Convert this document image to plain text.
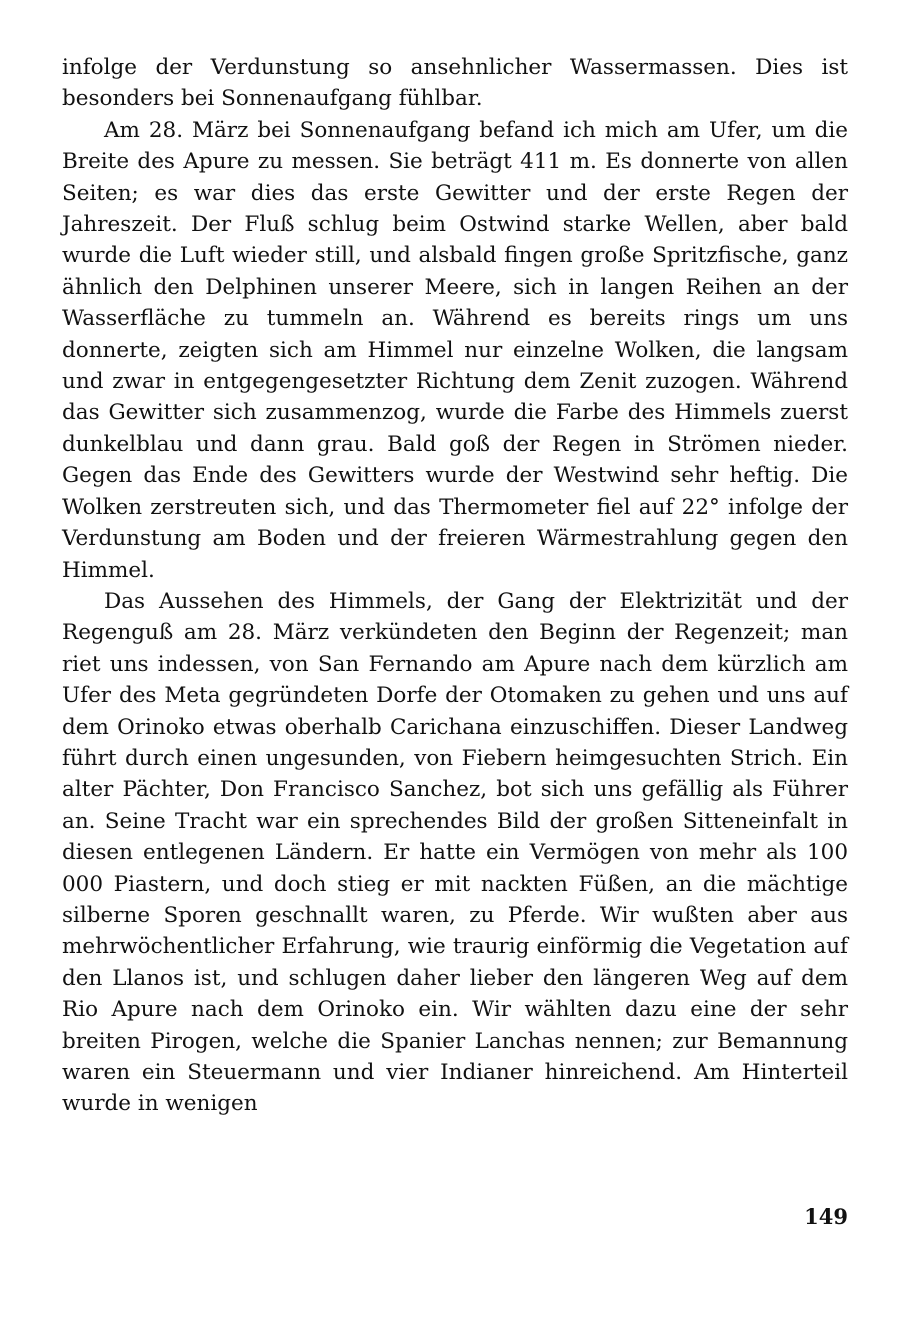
infolge der Verdunstung so ansehnlicher Wassermassen. Dies ist besonders bei Sonnenaufgang fühlbar.

Am 28. März bei Sonnenaufgang befand ich mich am Ufer, um die Breite des Apure zu messen. Sie beträgt 411 m. Es donnerte von allen Seiten; es war dies das erste Gewitter und der erste Regen der Jahreszeit. Der Fluß schlug beim Ostwind starke Wellen, aber bald wurde die Luft wieder still, und alsbald fingen große Spritzfische, ganz ähnlich den Delphinen unserer Meere, sich in langen Reihen an der Wasserfläche zu tummeln an. Während es bereits rings um uns donnerte, zeigten sich am Himmel nur einzelne Wolken, die langsam und zwar in entgegengesetzter Richtung dem Zenit zuzogen. Während das Gewitter sich zusammenzog, wurde die Farbe des Himmels zuerst dunkelblau und dann grau. Bald goß der Regen in Strömen nieder. Gegen das Ende des Gewitters wurde der Westwind sehr heftig. Die Wolken zerstreuten sich, und das Thermometer fiel auf 22° infolge der Verdunstung am Boden und der freieren Wärmestrahlung gegen den Himmel.

Das Aussehen des Himmels, der Gang der Elektrizität und der Regenguß am 28. März verkündeten den Beginn der Regenzeit; man riet uns indessen, von San Fernando am Apure nach dem kürzlich am Ufer des Meta gegründeten Dorfe der Otomaken zu gehen und uns auf dem Orinoko etwas oberhalb Carichana einzuschiffen. Dieser Landweg führt durch einen ungesunden, von Fiebern heimgesuchten Strich. Ein alter Pächter, Don Francisco Sanchez, bot sich uns gefällig als Führer an. Seine Tracht war ein sprechendes Bild der großen Sitteneinfalt in diesen entlegenen Ländern. Er hatte ein Vermögen von mehr als 100 000 Piastern, und doch stieg er mit nackten Füßen, an die mächtige silberne Sporen geschnallt waren, zu Pferde. Wir wußten aber aus mehrwöchentlicher Erfahrung, wie traurig einförmig die Vegetation auf den Llanos ist, und schlugen daher lieber den längeren Weg auf dem Rio Apure nach dem Orinoko ein. Wir wählten dazu eine der sehr breiten Pirogen, welche die Spanier Lanchas nennen; zur Bemannung waren ein Steuermann und vier Indianer hinreichend. Am Hinterteil wurde in wenigen

149
